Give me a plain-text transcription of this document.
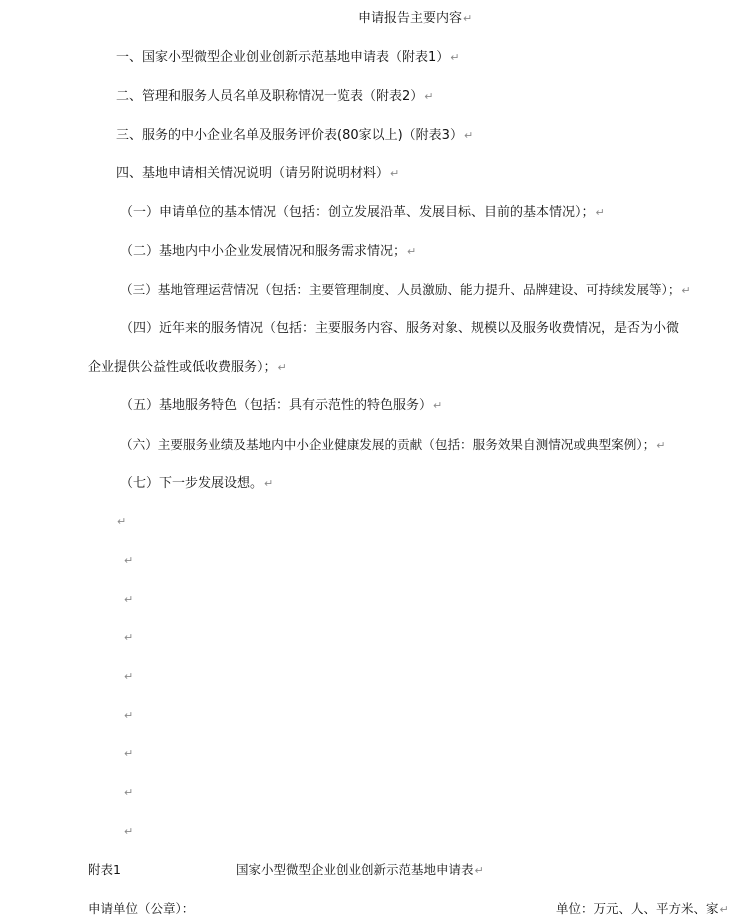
申请报告主要内容↵
一、国家小型微型企业创业创新示范基地申请表（附表1）↵
二、管理和服务人员名单及职称情况一览表（附表2）↵
三、服务的中小企业名单及服务评价表(80家以上)（附表3）↵
四、基地申请相关情况说明（请另附说明材料）↵
（一）申请单位的基本情况（包括：创立发展沿革、发展目标、目前的基本情况）；↵
（二）基地内中小企业发展情况和服务需求情况；↵
（三）基地管理运营情况（包括：主要管理制度、人员激励、能力提升、品牌建设、可持续发展等）；↵
（四）近年来的服务情况（包括：主要服务内容、服务对象、规模以及服务收费情况，是否为小微
企业提供公益性或低收费服务）；↵
（五）基地服务特色（包括：具有示范性的特色服务）↵
（六）主要服务业绩及基地内中小企业健康发展的贡献（包括：服务效果自测情况或典型案例）；↵
（七）下一步发展设想。↵
↵
↵
↵
↵
↵
↵
↵
↵
↵
附表1	国家小型微型企业创业创新示范基地申请表↵
申请单位（公章）：	单位：万元、人、平方米、家↵
